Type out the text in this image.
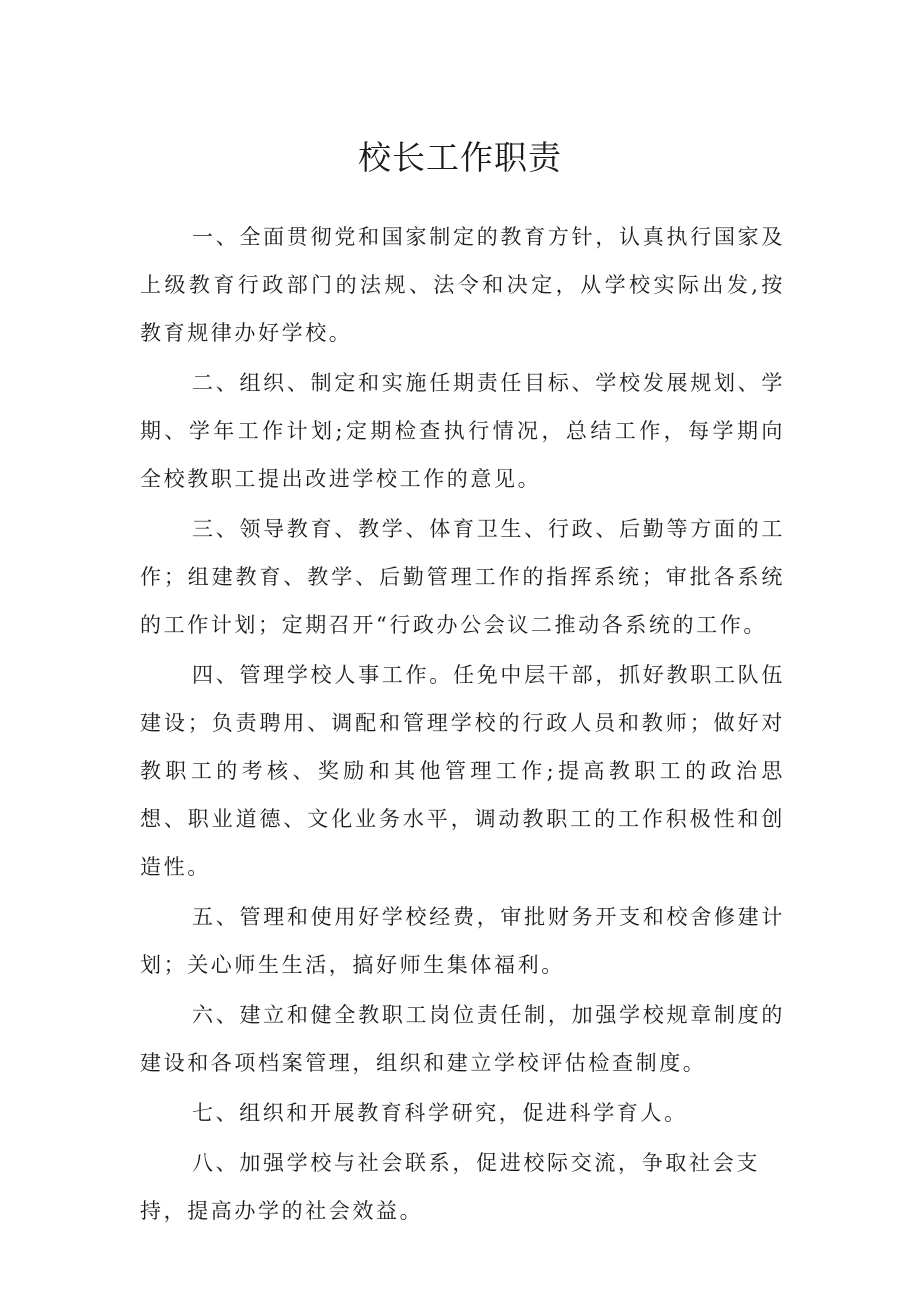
校长工作职责

一、全面贯彻党和国家制定的教育方针，认真执行国家及上级教育行政部门的法规、法令和决定，从学校实际出发,按教育规律办好学校。

二、组织、制定和实施任期责任目标、学校发展规划、学期、学年工作计划;定期检查执行情况，总结工作，每学期向全校教职工提出改进学校工作的意见。

三、领导教育、教学、体育卫生、行政、后勤等方面的工作；组建教育、教学、后勤管理工作的指挥系统；审批各系统的工作计划；定期召开“行政办公会议二推动各系统的工作。

四、管理学校人事工作。任免中层干部，抓好教职工队伍建设；负责聘用、调配和管理学校的行政人员和教师；做好对教职工的考核、奖励和其他管理工作;提高教职工的政治思想、职业道德、文化业务水平，调动教职工的工作积极性和创造性。

五、管理和使用好学校经费，审批财务开支和校舍修建计划；关心师生生活，搞好师生集体福利。

六、建立和健全教职工岗位责任制，加强学校规章制度的建设和各项档案管理，组织和建立学校评估检查制度。

七、组织和开展教育科学研究，促进科学育人。

八、加强学校与社会联系，促进校际交流，争取社会支持，提高办学的社会效益。
